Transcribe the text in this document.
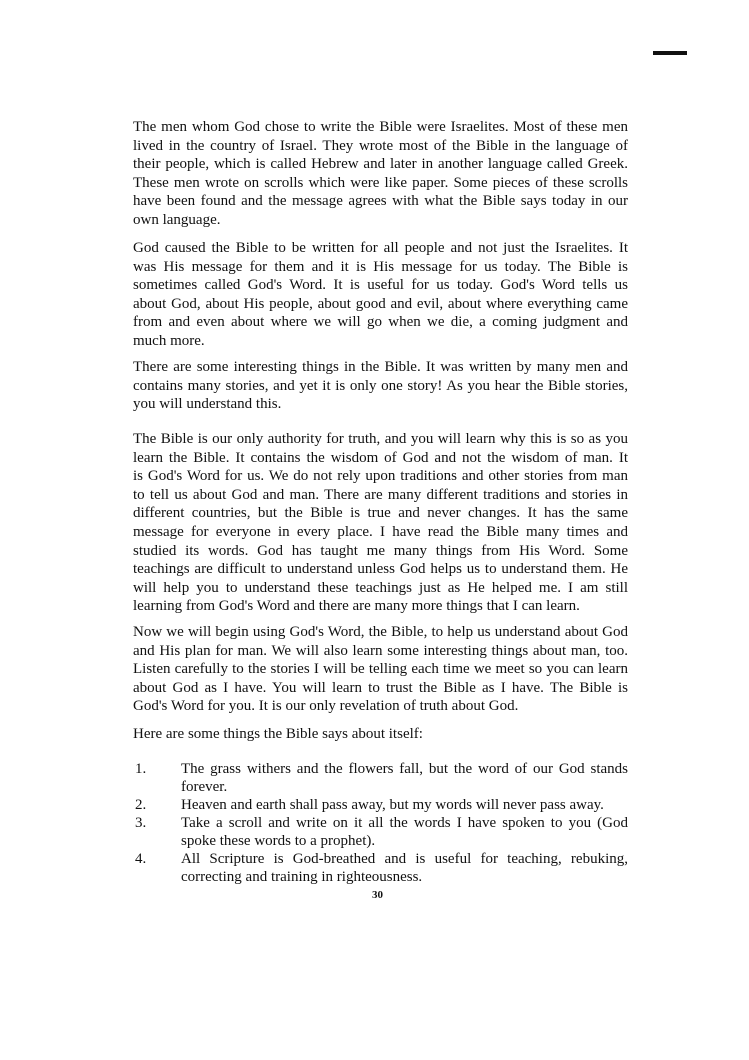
The men whom God chose to write the Bible were Israelites. Most of these men
lived in the country of Israel. They wrote most of the Bible in the language of
their people, which is called Hebrew and later in another language called Greek.
These men wrote on scrolls which were like paper. Some pieces of these scrolls
have been found and the message agrees with what the Bible says today in our
own language.
God caused the Bible to be written for all people and not just the Israelites. It
was His message for them and it is His message for us today. The Bible is
sometimes called God's Word. It is useful for us today. God's Word tells us
about God, about His people, about good and evil, about where everything came
from and even about where we will go when we die, a coming judgment and
much more.
There are some interesting things in the Bible. It was written by many men and
contains many stories, and yet it is only one story! As you hear the Bible stories,
you will understand this.
The Bible is our only authority for truth, and you will learn why this is so as you
learn the Bible. It contains the wisdom of God and not the wisdom of man. It
is God's Word for us. We do not rely upon traditions and other stories from man
to tell us about God and man. There are many different traditions and stories in
different countries, but the Bible is true and never changes. It has the same
message for everyone in every place. I have read the Bible many times and
studied its words. God has taught me many things from His Word. Some
teachings are difficult to understand unless God helps us to understand them. He
will help you to understand these teachings just as He helped me. I am still
learning from God's Word and there are many more things that I can learn.
Now we will begin using God's Word, the Bible, to help us understand about God
and His plan for man. We will also learn some interesting things about man, too.
Listen carefully to the stories I will be telling each time we meet so you can learn
about God as I have. You will learn to trust the Bible as I have. The Bible is
God's Word for you. It is our only revelation of truth about God.
Here are some things the Bible says about itself:
1. The grass withers and the flowers fall, but the word of our God stands
forever.
2. Heaven and earth shall pass away, but my words will never pass away.
3. Take a scroll and write on it all the words I have spoken to you (God
spoke these words to a prophet).
4. All Scripture is God-breathed and is useful for teaching, rebuking,
correcting and training in righteousness.
30
